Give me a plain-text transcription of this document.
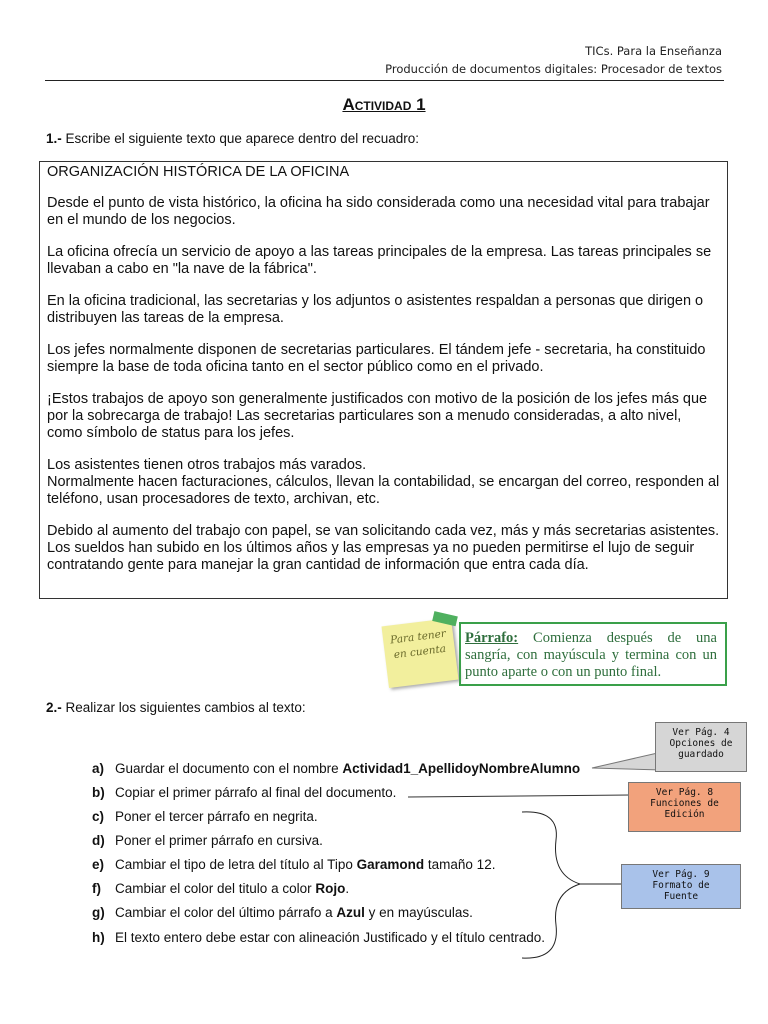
TICs. Para la Enseñanza
Producción de documentos digitales: Procesador de textos
Actividad 1
1.- Escribe el siguiente texto que aparece dentro del recuadro:

ORGANIZACIÓN HISTÓRICA DE LA OFICINA

Desde el punto de vista histórico, la oficina ha sido considerada como una necesidad vital para trabajar en el mundo de los negocios.

La oficina ofrecía un servicio de apoyo a las tareas principales de la empresa. Las tareas principales se llevaban a cabo en "la nave de la fábrica".

En la oficina tradicional, las secretarias y los adjuntos o asistentes respaldan a personas que dirigen o distribuyen las tareas de la empresa.

Los jefes normalmente disponen de secretarias particulares. El tándem jefe - secretaria, ha constituido siempre la base de toda oficina tanto en el sector público como en el privado.

¡Estos trabajos de apoyo son generalmente justificados con motivo de la posición de los jefes más que por la sobrecarga de trabajo! Las secretarias particulares son a menudo consideradas, a alto nivel, como símbolo de status para los jefes.

Los asistentes tienen otros trabajos más varados.
Normalmente hacen facturaciones, cálculos, llevan la contabilidad, se encargan del correo, responden al teléfono, usan procesadores de texto, archivan, etc.

Debido al aumento del trabajo con papel, se van solicitando cada vez, más y más secretarias asistentes. Los sueldos han subido en los últimos años y las empresas ya no pueden permitirse el lujo de seguir contratando gente para manejar la gran cantidad de información que entra cada día.

Para tener
en cuenta
Párrafo: Comienza después de una sangría, con mayúscula y termina con un punto aparte o con un punto final.
2.- Realizar los siguientes cambios al texto:
a) Guardar el documento con el nombre Actividad1_ApellidoyNombreAlumno
b) Copiar el primer párrafo al final del documento.
c) Poner el tercer párrafo en negrita.
d) Poner el primer párrafo en cursiva.
e) Cambiar el tipo de letra del título al Tipo Garamond tamaño 12.
f) Cambiar el color del titulo a color Rojo.
g) Cambiar el color del último párrafo a Azul y en mayúsculas.
h) El texto entero debe estar con alineación Justificado y el título centrado.
Ver Pág. 4
Opciones de
guardado
Ver Pág. 8
Funciones de
Edición
Ver Pág. 9
Formato de
Fuente
